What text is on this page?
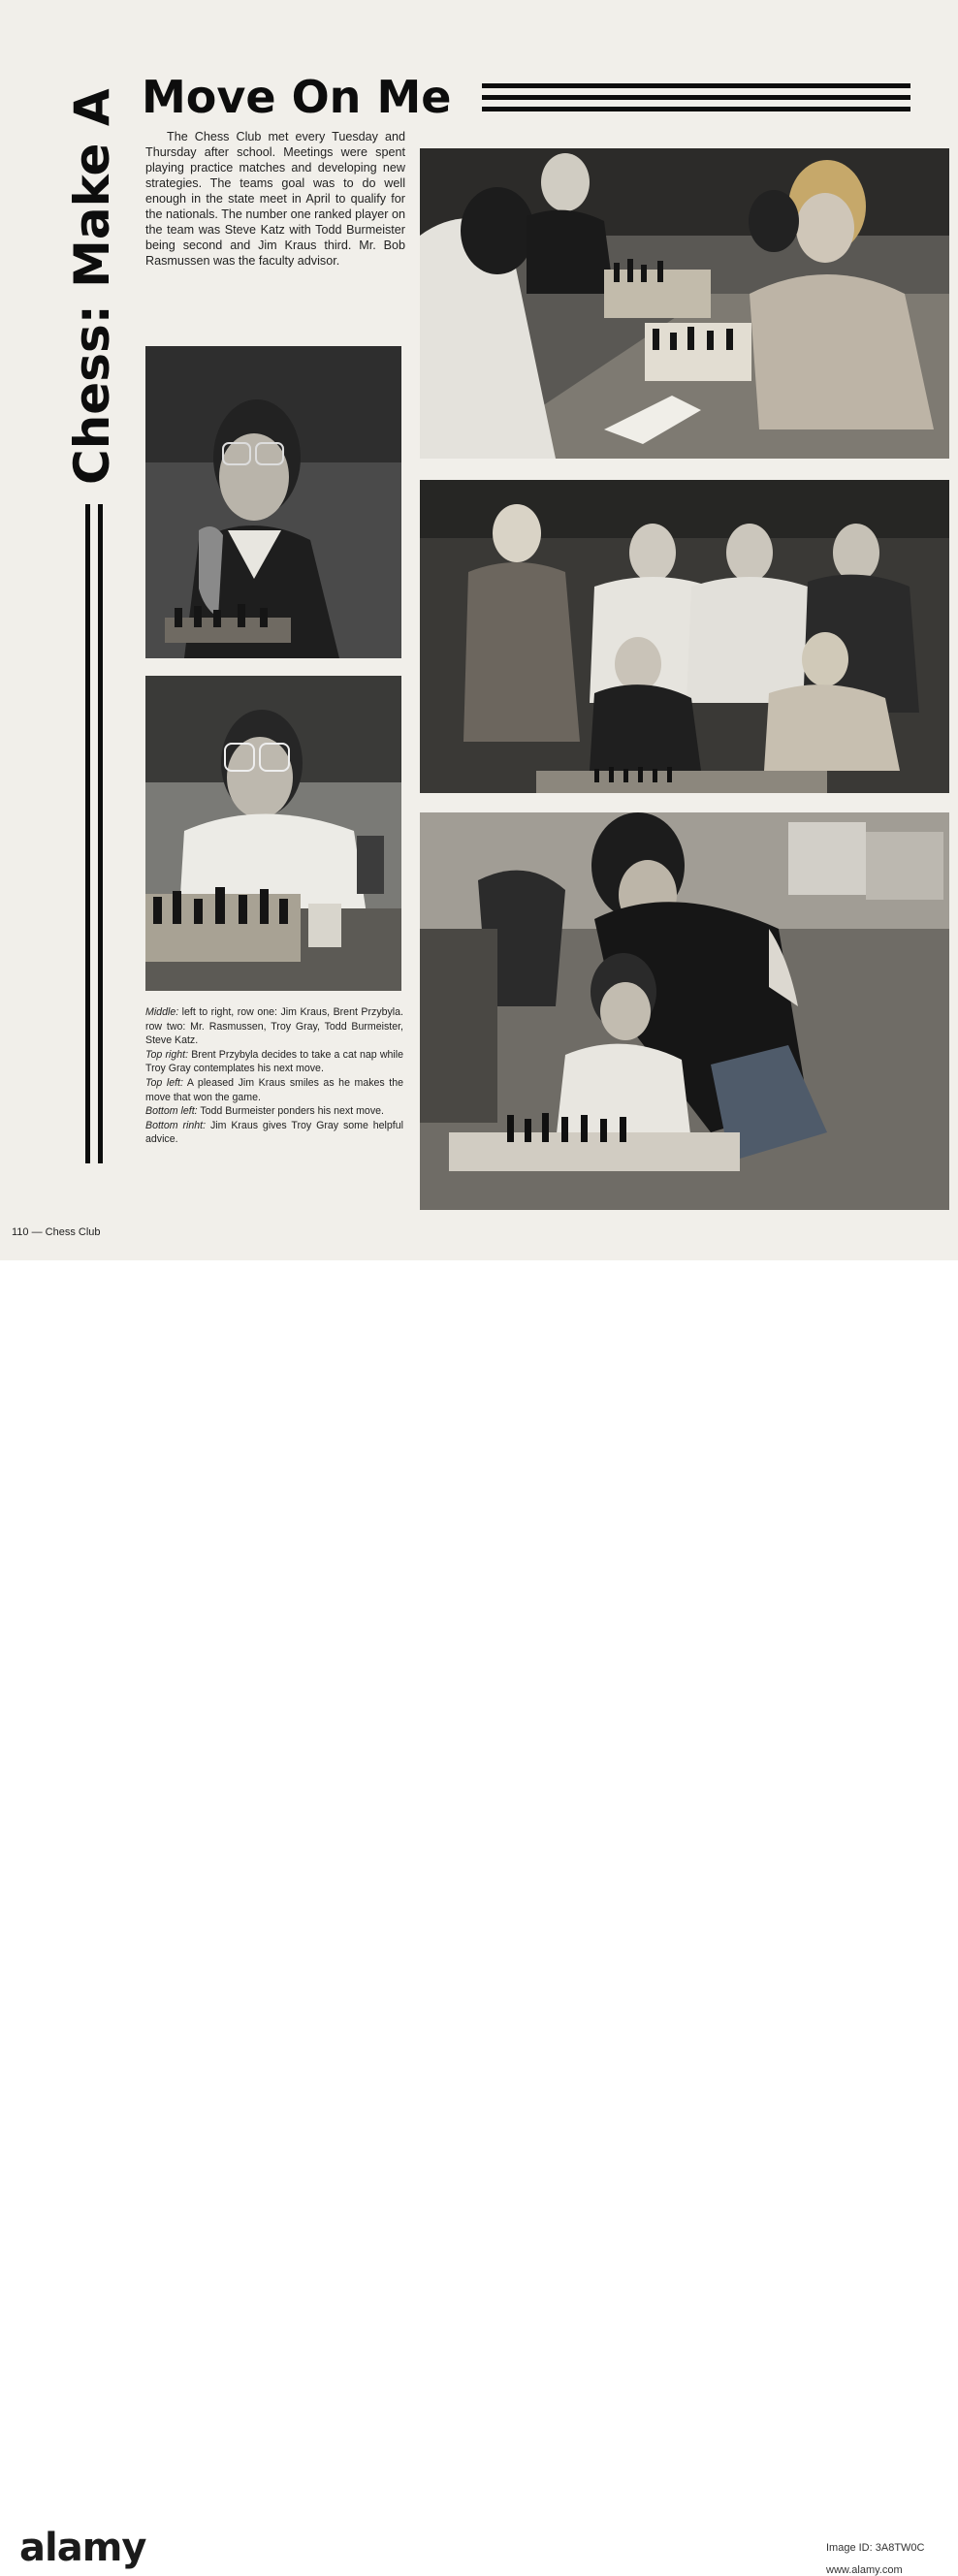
Chess: Make A Move On Me

The Chess Club met every Tuesday and Thursday after school. Meetings were spent playing practice matches and developing new strategies. The teams goal was to do well enough in the state meet in April to qualify for the nationals. The number one ranked player on the team was Steve Katz with Todd Burmeister being second and Jim Kraus third. Mr. Bob Rasmussen was the faculty advisor.

Middle: left to right, row one: Jim Kraus, Brent Przybyla. row two: Mr. Rasmussen, Troy Gray, Todd Burmeister, Steve Katz.

Top right: Brent Przybyla decides to take a cat nap while Troy Gray contemplates his next move.

Top left: A pleased Jim Kraus smiles as he makes the move that won the game.

Bottom left: Todd Burmeister ponders his next move.

Bottom rinht: Jim Kraus gives Troy Gray some helpful advice.

110 — Chess Club
alamy	Image ID: 3A8TW0C
www.alamy.com
